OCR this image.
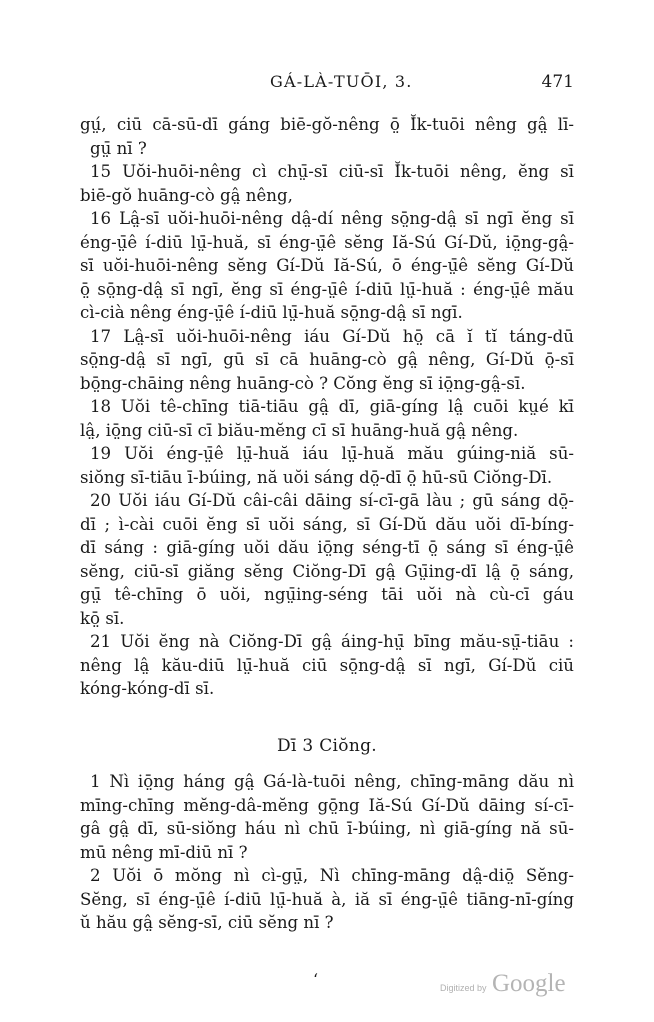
GÁ-LÀ-TUŌI, 3.	471
gṳ́, ciū cā-sū-dī gáng biē-gŏ-nêng ō̤ Ĭ́k-tuōi nêng gâ̤ lī-
gṳ̄ nī ?
15 Uŏi-huōi-nêng cì chṳ̄-sī ciū-sī Ĭ́k-tuōi nêng, ĕng sī
biē-gŏ huāng-cò gâ̤ nêng,
16 Lâ̤-sī uŏi-huōi-nêng dâ̤-dí nêng sō̤ng-dâ̤ sī ngī ĕng sī
éng-ṳ̄ê í-diū lṳ̄-huă, sī éng-ṳ̄ê sĕng Iă-Sú Gí-Dŭ, iō̤ng-gâ̤-
sī uŏi-huōi-nêng sĕng Gí-Dŭ Iă-Sú, ō éng-ṳ̄ê sĕng Gí-Dŭ
ō̤ sō̤ng-dâ̤ sī ngī, ĕng sī éng-ṳ̄ê í-diū lṳ̄-huă : éng-ṳ̄ê mău
cì-cià nêng éng-ṳ̄ê í-diū lṳ̄-huă sō̤ng-dâ̤ sī ngī.
17 Lâ̤-sī uŏi-huōi-nêng iáu Gí-Dŭ hō̤ cā ĭ tĭ táng-dū
sō̤ng-dâ̤ sī ngī, gū sī cā huāng-cò gâ̤ nêng, Gí-Dŭ ō̤-sī
bō̤ng-chāing nêng huāng-cò ? Cŏng ĕng sī iō̤ng-gâ̤-sī.
18 Uŏi tê-chīng tiā-tiāu gâ̤ dī, giā-gíng lâ̤ cuōi kṳé kī
lâ̤, iō̤ng ciū-sī cī biău-mĕng cī sī huāng-huă gâ̤ nêng.
19 Uŏi éng-ṳ̄ê lṳ̄-huă iáu lṳ̄-huă mău gúing-niă sū-
siŏng sī-tiāu ī-búing, nă uŏi sáng dō̤-dī ō̤ hū-sū Ciŏng-Dī.
20 Uŏi iáu Gí-Dŭ câi-câi dāing sí-cī-gā làu ; gū sáng dō̤-
dī ; ì-cài cuōi ĕng sī uŏi sáng, sī Gí-Dŭ dău uŏi dī-bíng-
dī sáng : giā-gíng uŏi dău iō̤ng séng-tī ō̤ sáng sī éng-ṳ̄ê
sĕng, ciū-sī giăng sĕng Ciŏng-Dī gâ̤ Gṳ̄ing-dī lâ̤ ō̤ sáng,
gṳ̄ tê-chīng ō uŏi, ngṳ̄ing-séng tāi uŏi nà cù-cī gáu
kō̤ sī.
21 Uŏi ĕng nà Ciŏng-Dī gâ̤ áing-hṳ̄ bīng mău-sṳ̄-tiāu :
nêng lâ̤ kău-diū lṳ̄-huă ciū sō̤ng-dâ̤ sī ngī, Gí-Dŭ ciū
kóng-kóng-dī sī.
Dī 3 Ciŏng.
1 Nì iō̤ng háng gâ̤ Gá-là-tuōi nêng, chīng-māng dău nì
mīng-chīng mĕng-dâ-mĕng gō̤ng Iă-Sú Gí-Dŭ dāing sí-cī-
gâ gâ̤ dī, sū-siŏng háu nì chū ī-búing, nì giā-gíng nă sū-
mū nêng mī-diū nī ?
2 Uŏi ō mŏng nì cì-gṳ̄, Nì chīng-māng dâ̤-diō̤ Sĕng-
Sĕng, sī éng-ṳ̄ê í-diū lṳ̄-huă à, iă sī éng-ṳ̄ê tiāng-nī-gíng
ŭ hău gâ̤ sĕng-sī, ciū sĕng nī ?
ʻ	Digitized by Google
